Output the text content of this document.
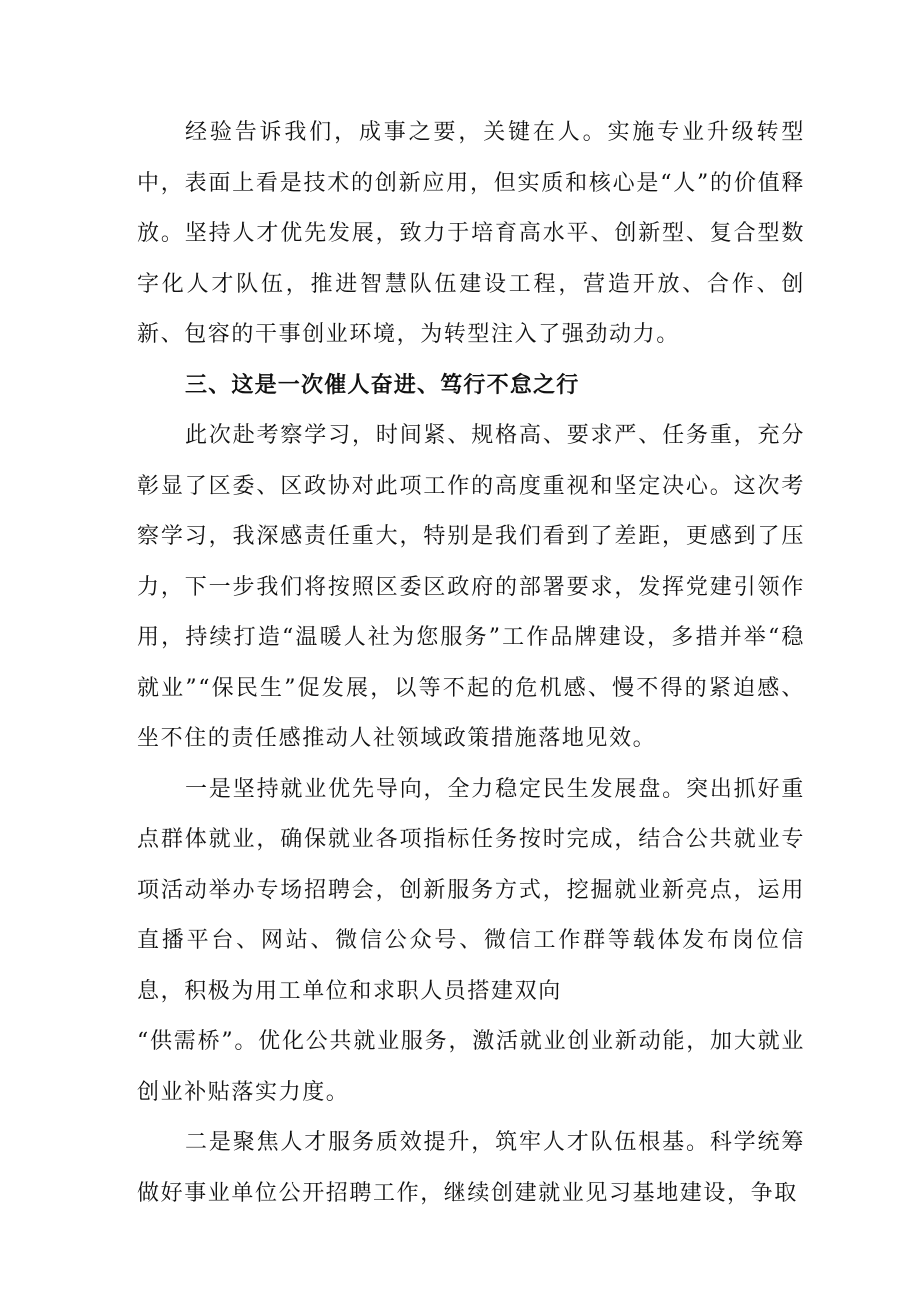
经验告诉我们，成事之要，关键在人。实施专业升级转型中，表面上看是技术的创新应用，但实质和核心是“人”的价值释放。坚持人才优先发展，致力于培育高水平、创新型、复合型数字化人才队伍，推进智慧队伍建设工程，营造开放、合作、创新、包容的干事创业环境，为转型注入了强劲动力。

三、这是一次催人奋进、笃行不怠之行

此次赴考察学习，时间紧、规格高、要求严、任务重，充分彰显了区委、区政协对此项工作的高度重视和坚定决心。这次考察学习，我深感责任重大，特别是我们看到了差距，更感到了压力，下一步我们将按照区委区政府的部署要求，发挥党建引领作用，持续打造“温暖人社为您服务”工作品牌建设，多措并举“稳就业”“保民生”促发展，以等不起的危机感、慢不得的紧迫感、坐不住的责任感推动人社领域政策措施落地见效。

一是坚持就业优先导向，全力稳定民生发展盘。突出抓好重点群体就业，确保就业各项指标任务按时完成，结合公共就业专项活动举办专场招聘会，创新服务方式，挖掘就业新亮点，运用直播平台、网站、微信公众号、微信工作群等载体发布岗位信息，积极为用工单位和求职人员搭建双向

“供需桥”。优化公共就业服务，激活就业创业新动能，加大就业创业补贴落实力度。

二是聚焦人才服务质效提升，筑牢人才队伍根基。科学统筹做好事业单位公开招聘工作，继续创建就业见习基地建设，争取
